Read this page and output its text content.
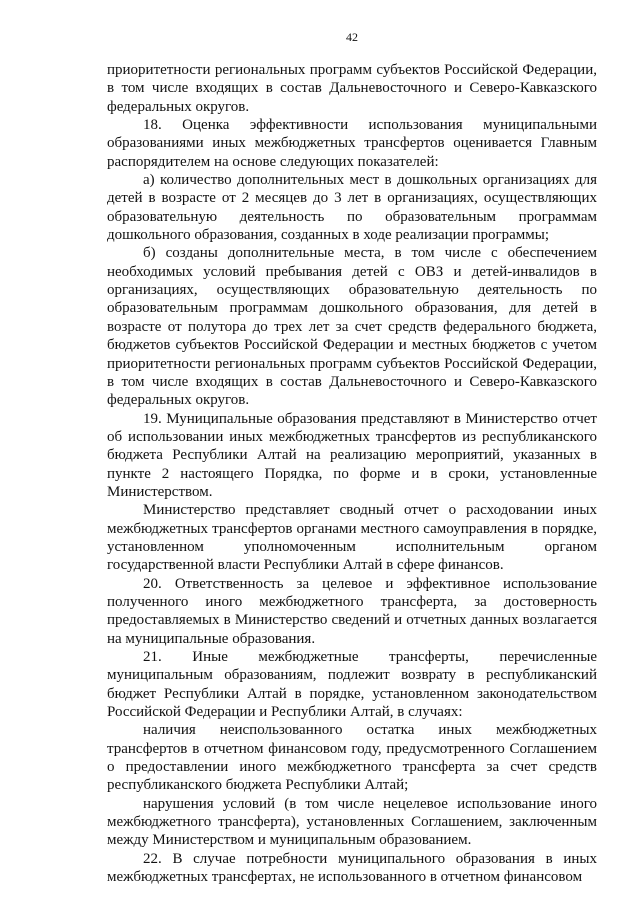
42

приоритетности региональных программ субъектов Российской Федерации, в том числе входящих в состав Дальневосточного и Северо-Кавказского федеральных округов.

18. Оценка эффективности использования муниципальными образованиями иных межбюджетных трансфертов оценивается Главным распорядителем на основе следующих показателей:

а) количество дополнительных мест в дошкольных организациях для детей в возрасте от 2 месяцев до 3 лет в организациях, осуществляющих образовательную деятельность по образовательным программам дошкольного образования, созданных в ходе реализации программы;

б) созданы дополнительные места, в том числе с обеспечением необходимых условий пребывания детей с ОВЗ и детей-инвалидов в организациях, осуществляющих образовательную деятельность по образовательным программам дошкольного образования, для детей в возрасте от полутора до трех лет за счет средств федерального бюджета, бюджетов субъектов Российской Федерации и местных бюджетов с учетом приоритетности региональных программ субъектов Российской Федерации, в том числе входящих в состав Дальневосточного и Северо-Кавказского федеральных округов.

19. Муниципальные образования представляют в Министерство отчет об использовании иных межбюджетных трансфертов из республиканского бюджета Республики Алтай на реализацию мероприятий, указанных в пункте 2 настоящего Порядка, по форме и в сроки, установленные Министерством.

Министерство представляет сводный отчет о расходовании иных межбюджетных трансфертов органами местного самоуправления в порядке, установленном уполномоченным исполнительным органом государственной власти Республики Алтай в сфере финансов.

20. Ответственность за целевое и эффективное использование полученного иного межбюджетного трансферта, за достоверность предоставляемых в Министерство сведений и отчетных данных возлагается на муниципальные образования.

21. Иные межбюджетные трансферты, перечисленные муниципальным образованиям, подлежит возврату в республиканский бюджет Республики Алтай в порядке, установленном законодательством Российской Федерации и Республики Алтай, в случаях:

наличия неиспользованного остатка иных межбюджетных трансфертов в отчетном финансовом году, предусмотренного Соглашением о предоставлении иного межбюджетного трансферта за счет средств республиканского бюджета Республики Алтай;

нарушения условий (в том числе нецелевое использование иного межбюджетного трансферта), установленных Соглашением, заключенным между Министерством и муниципальным образованием.

22. В случае потребности муниципального образования в иных межбюджетных трансфертах, не использованного в отчетном финансовом
